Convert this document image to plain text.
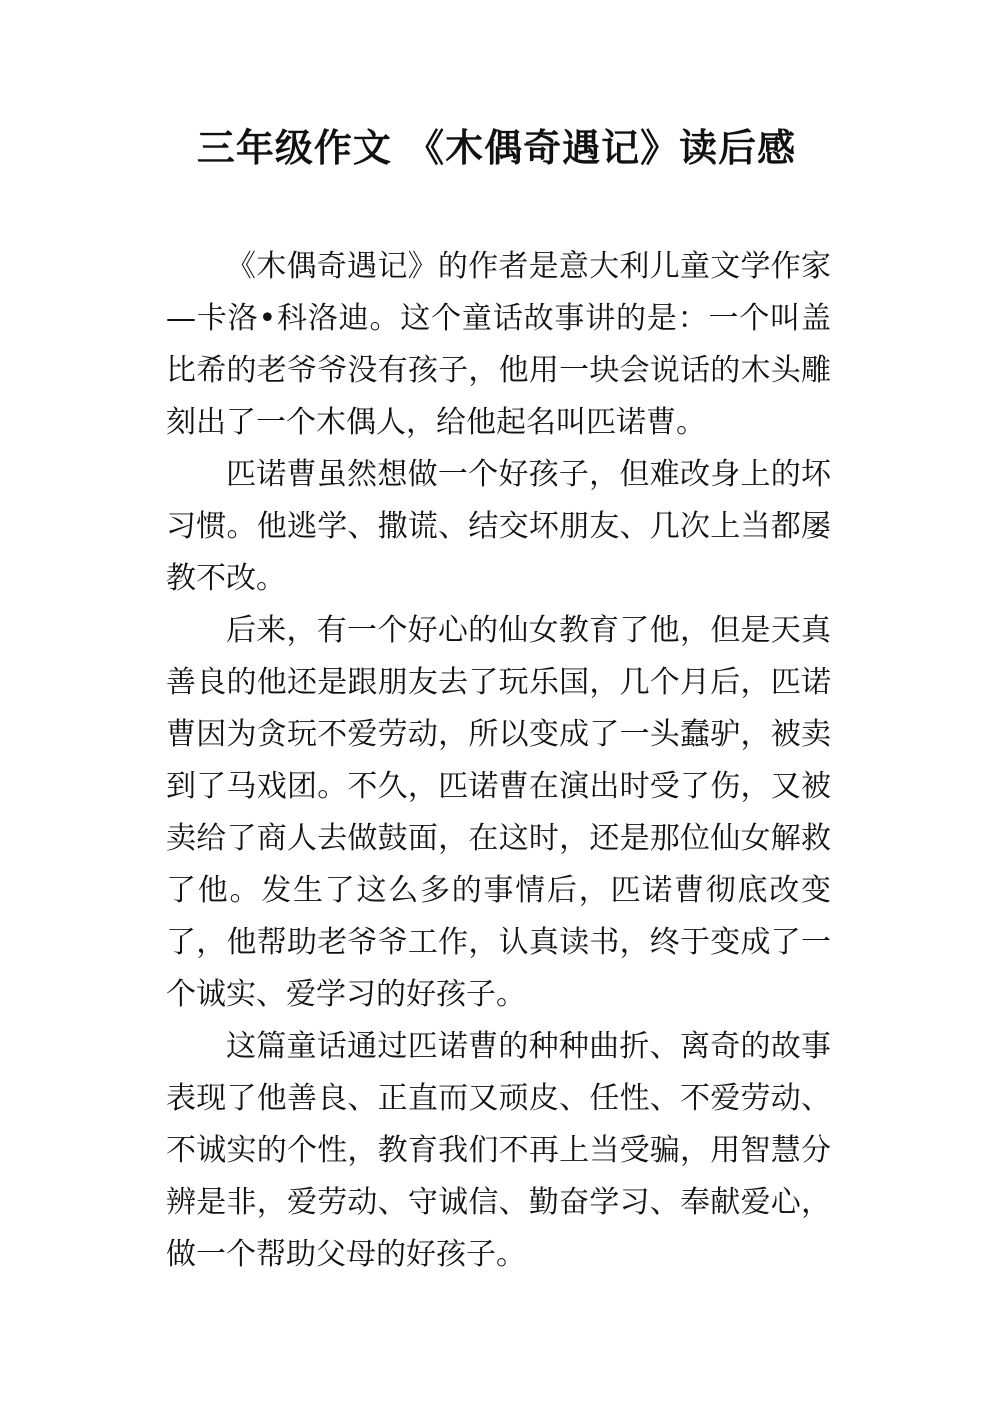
三年级作文 《木偶奇遇记》读后感

《木偶奇遇记》的作者是意大利儿童文学作家—卡洛•科洛迪。这个童话故事讲的是：一个叫盖比希的老爷爷没有孩子，他用一块会说话的木头雕刻出了一个木偶人，给他起名叫匹诺曹。

匹诺曹虽然想做一个好孩子，但难改身上的坏习惯。他逃学、撒谎、结交坏朋友、几次上当都屡教不改。

后来，有一个好心的仙女教育了他，但是天真善良的他还是跟朋友去了玩乐国，几个月后，匹诺曹因为贪玩不爱劳动，所以变成了一头蠢驴，被卖到了马戏团。不久，匹诺曹在演出时受了伤，又被卖给了商人去做鼓面，在这时，还是那位仙女解救了他。发生了这么多的事情后，匹诺曹彻底改变了，他帮助老爷爷工作，认真读书，终于变成了一个诚实、爱学习的好孩子。

这篇童话通过匹诺曹的种种曲折、离奇的故事表现了他善良、正直而又顽皮、任性、不爱劳动、不诚实的个性，教育我们不再上当受骗，用智慧分辨是非，爱劳动、守诚信、勤奋学习、奉献爱心，做一个帮助父母的好孩子。
